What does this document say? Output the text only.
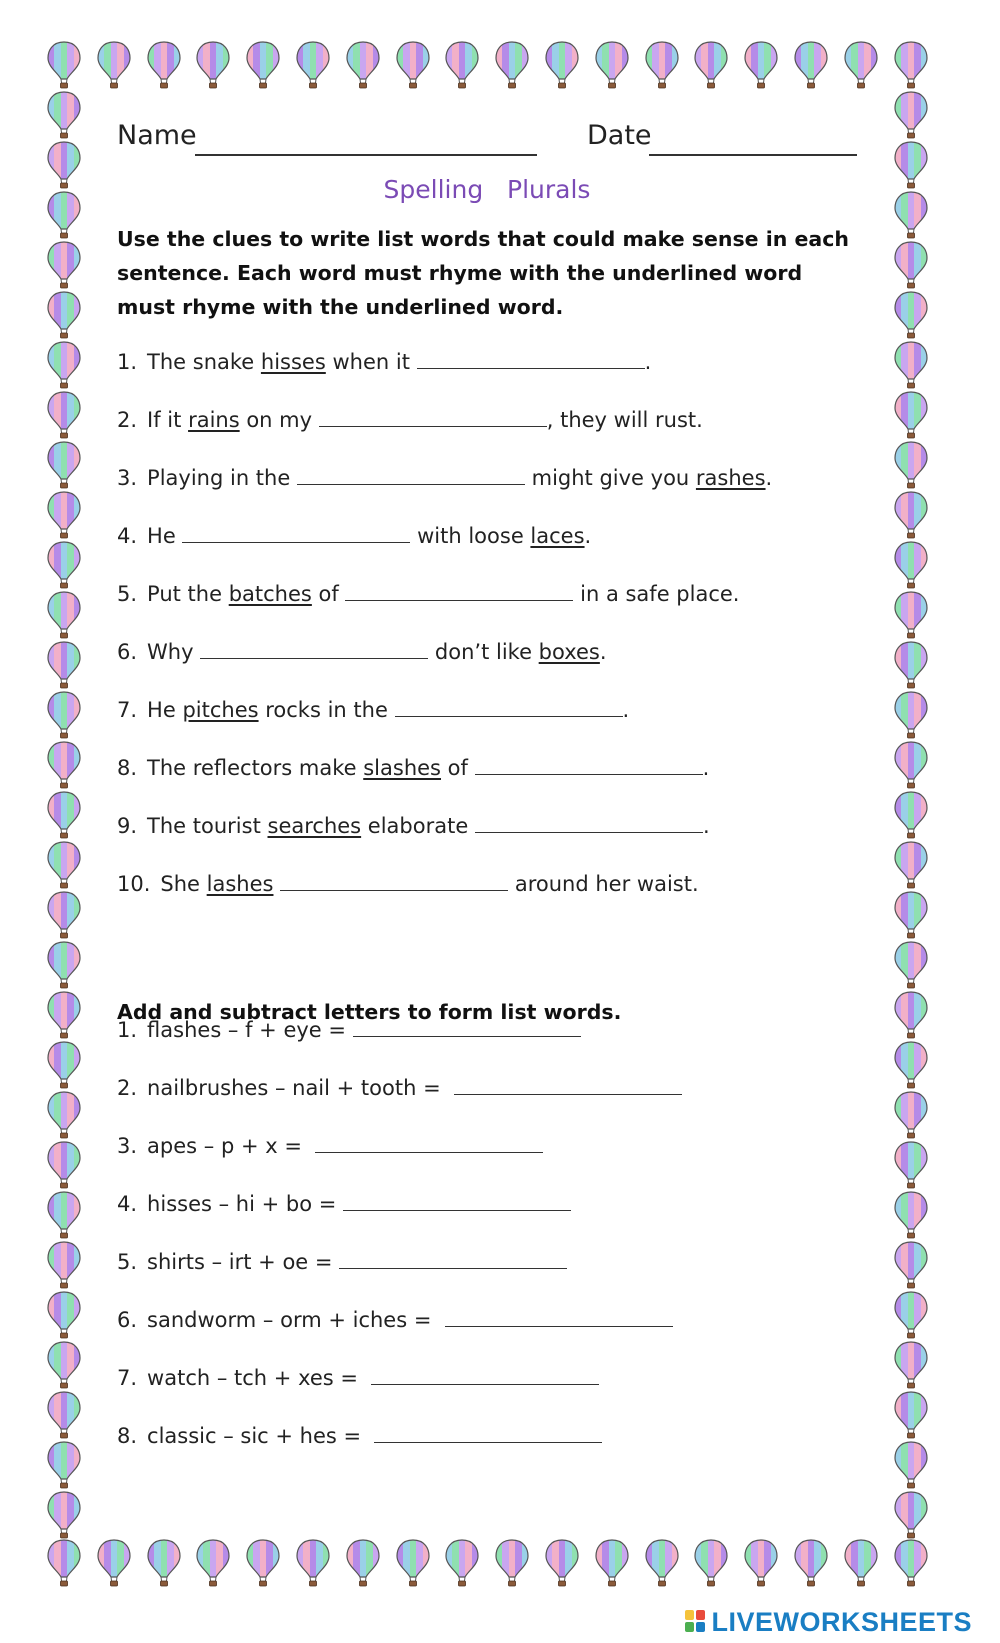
Name	Date
Spelling   Plurals
Use the clues to write list words that could make sense in each sentence. Each word must rhyme with the underlined word must rhyme with the underlined word.
1. The snake hisses when it	.
2. If it rains on my	, they will rust.
3. Playing in the	might give you rashes.
4. He	with loose laces.
5. Put the batches of	in a safe place.
6. Why	don’t like boxes.
7. He pitches rocks in the	.
8. The reflectors make slashes of	.
9. The tourist searches elaborate	.
10. She lashes	around her waist.
Add and subtract letters to form list words.
1. flashes – f + eye =
2. nailbrushes – nail + tooth =
3. apes – p + x =
4. hisses – hi + bo =
5. shirts – irt + oe =
6. sandworm – orm + iches =
7. watch – tch + xes =
8. classic – sic + hes =
LIVEWORKSHEETS
